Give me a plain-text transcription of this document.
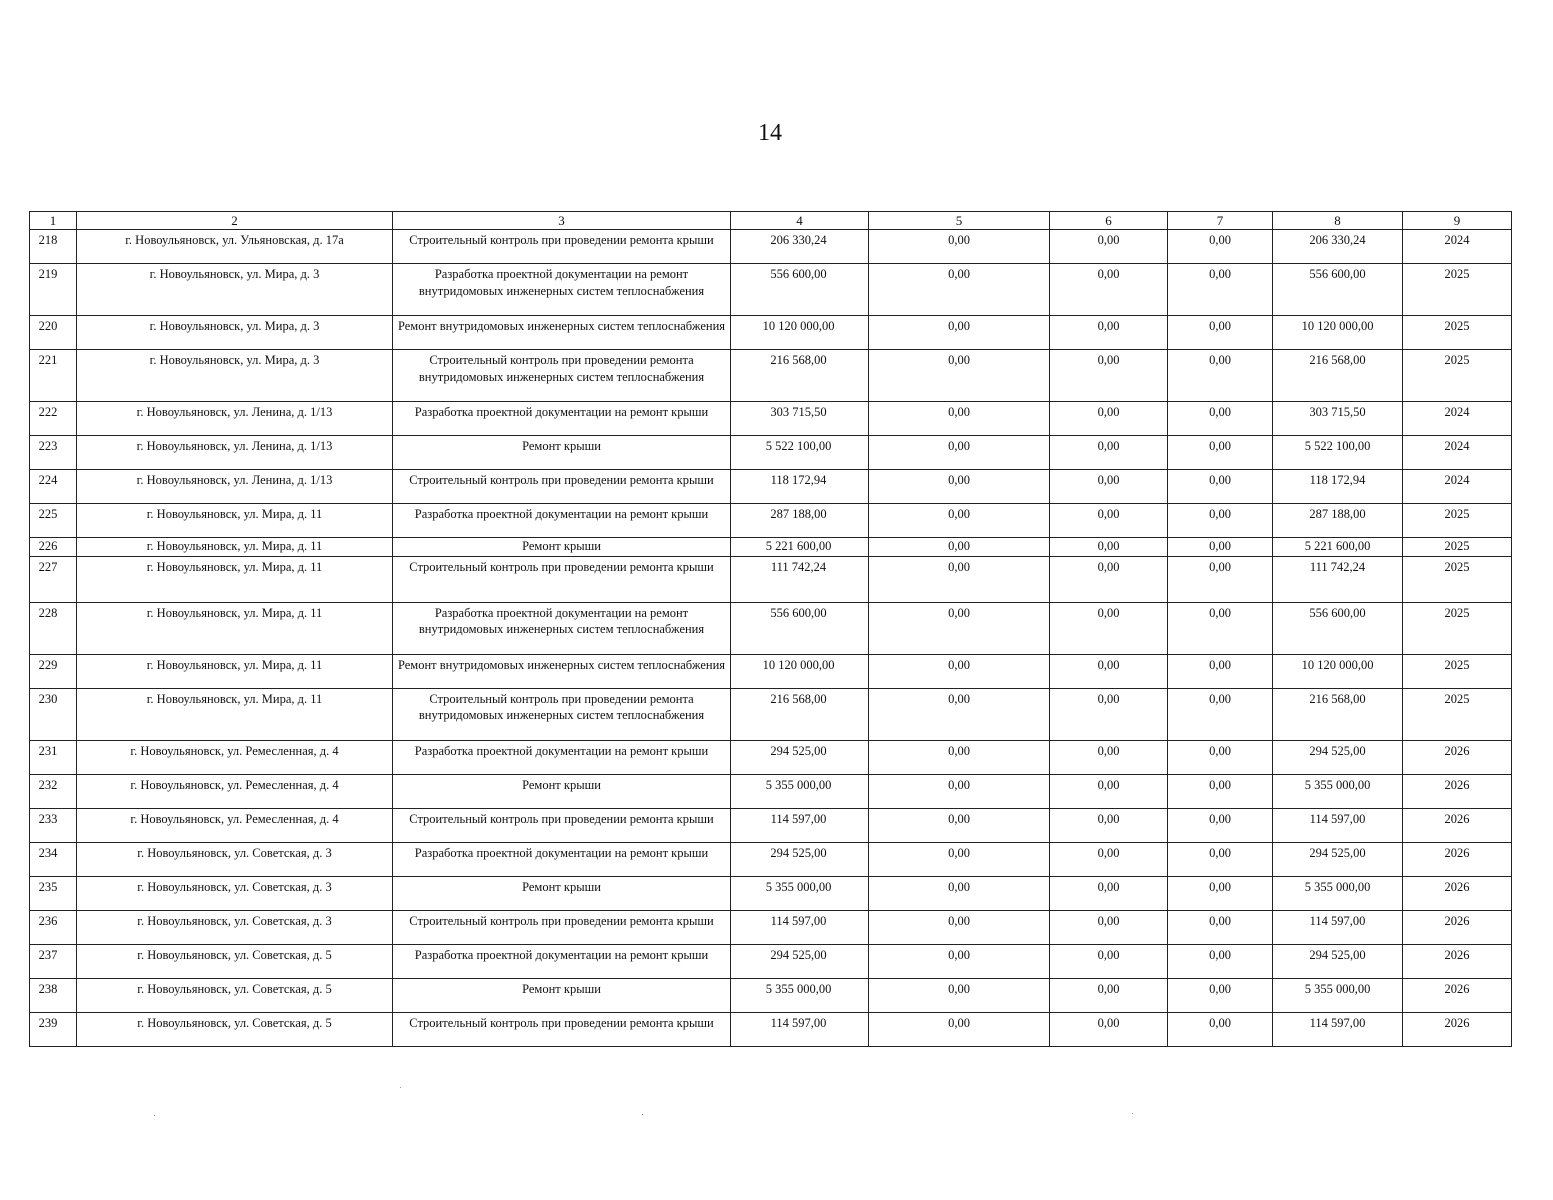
14
1	2	3	4	5	6	7	8	9
218	г. Новоульяновск, ул. Ульяновская, д. 17а	Строительный контроль при проведении ремонта крыши	206 330,24	0,00	0,00	0,00	206 330,24	2024
219	г. Новоульяновск, ул. Мира, д. 3	Разработка проектной документации на ремонт внутридомовых инженерных систем теплоснабжения	556 600,00	0,00	0,00	0,00	556 600,00	2025
220	г. Новоульяновск, ул. Мира, д. 3	Ремонт внутридомовых инженерных систем теплоснабжения	10 120 000,00	0,00	0,00	0,00	10 120 000,00	2025
221	г. Новоульяновск, ул. Мира, д. 3	Строительный контроль при проведении ремонта внутридомовых инженерных систем теплоснабжения	216 568,00	0,00	0,00	0,00	216 568,00	2025
222	г. Новоульяновск, ул. Ленина, д. 1/13	Разработка проектной документации на ремонт крыши	303 715,50	0,00	0,00	0,00	303 715,50	2024
223	г. Новоульяновск, ул. Ленина, д. 1/13	Ремонт крыши	5 522 100,00	0,00	0,00	0,00	5 522 100,00	2024
224	г. Новоульяновск, ул. Ленина, д. 1/13	Строительный контроль при проведении ремонта крыши	118 172,94	0,00	0,00	0,00	118 172,94	2024
225	г. Новоульяновск, ул. Мира, д. 11	Разработка проектной документации на ремонт крыши	287 188,00	0,00	0,00	0,00	287 188,00	2025
226	г. Новоульяновск, ул. Мира, д. 11	Ремонт крыши	5 221 600,00	0,00	0,00	0,00	5 221 600,00	2025
227	г. Новоульяновск, ул. Мира, д. 11	Строительный контроль при проведении ремонта крыши	111 742,24	0,00	0,00	0,00	111 742,24	2025
228	г. Новоульяновск, ул. Мира, д. 11	Разработка проектной документации на ремонт внутридомовых инженерных систем теплоснабжения	556 600,00	0,00	0,00	0,00	556 600,00	2025
229	г. Новоульяновск, ул. Мира, д. 11	Ремонт внутридомовых инженерных систем теплоснабжения	10 120 000,00	0,00	0,00	0,00	10 120 000,00	2025
230	г. Новоульяновск, ул. Мира, д. 11	Строительный контроль при проведении ремонта внутридомовых инженерных систем теплоснабжения	216 568,00	0,00	0,00	0,00	216 568,00	2025
231	г. Новоульяновск, ул. Ремесленная, д. 4	Разработка проектной документации на ремонт крыши	294 525,00	0,00	0,00	0,00	294 525,00	2026
232	г. Новоульяновск, ул. Ремесленная, д. 4	Ремонт крыши	5 355 000,00	0,00	0,00	0,00	5 355 000,00	2026
233	г. Новоульяновск, ул. Ремесленная, д. 4	Строительный контроль при проведении ремонта крыши	114 597,00	0,00	0,00	0,00	114 597,00	2026
234	г. Новоульяновск, ул. Советская, д. 3	Разработка проектной документации на ремонт крыши	294 525,00	0,00	0,00	0,00	294 525,00	2026
235	г. Новоульяновск, ул. Советская, д. 3	Ремонт крыши	5 355 000,00	0,00	0,00	0,00	5 355 000,00	2026
236	г. Новоульяновск, ул. Советская, д. 3	Строительный контроль при проведении ремонта крыши	114 597,00	0,00	0,00	0,00	114 597,00	2026
237	г. Новоульяновск, ул. Советская, д. 5	Разработка проектной документации на ремонт крыши	294 525,00	0,00	0,00	0,00	294 525,00	2026
238	г. Новоульяновск, ул. Советская, д. 5	Ремонт крыши	5 355 000,00	0,00	0,00	0,00	5 355 000,00	2026
239	г. Новоульяновск, ул. Советская, д. 5	Строительный контроль при проведении ремонта крыши	114 597,00	0,00	0,00	0,00	114 597,00	2026
